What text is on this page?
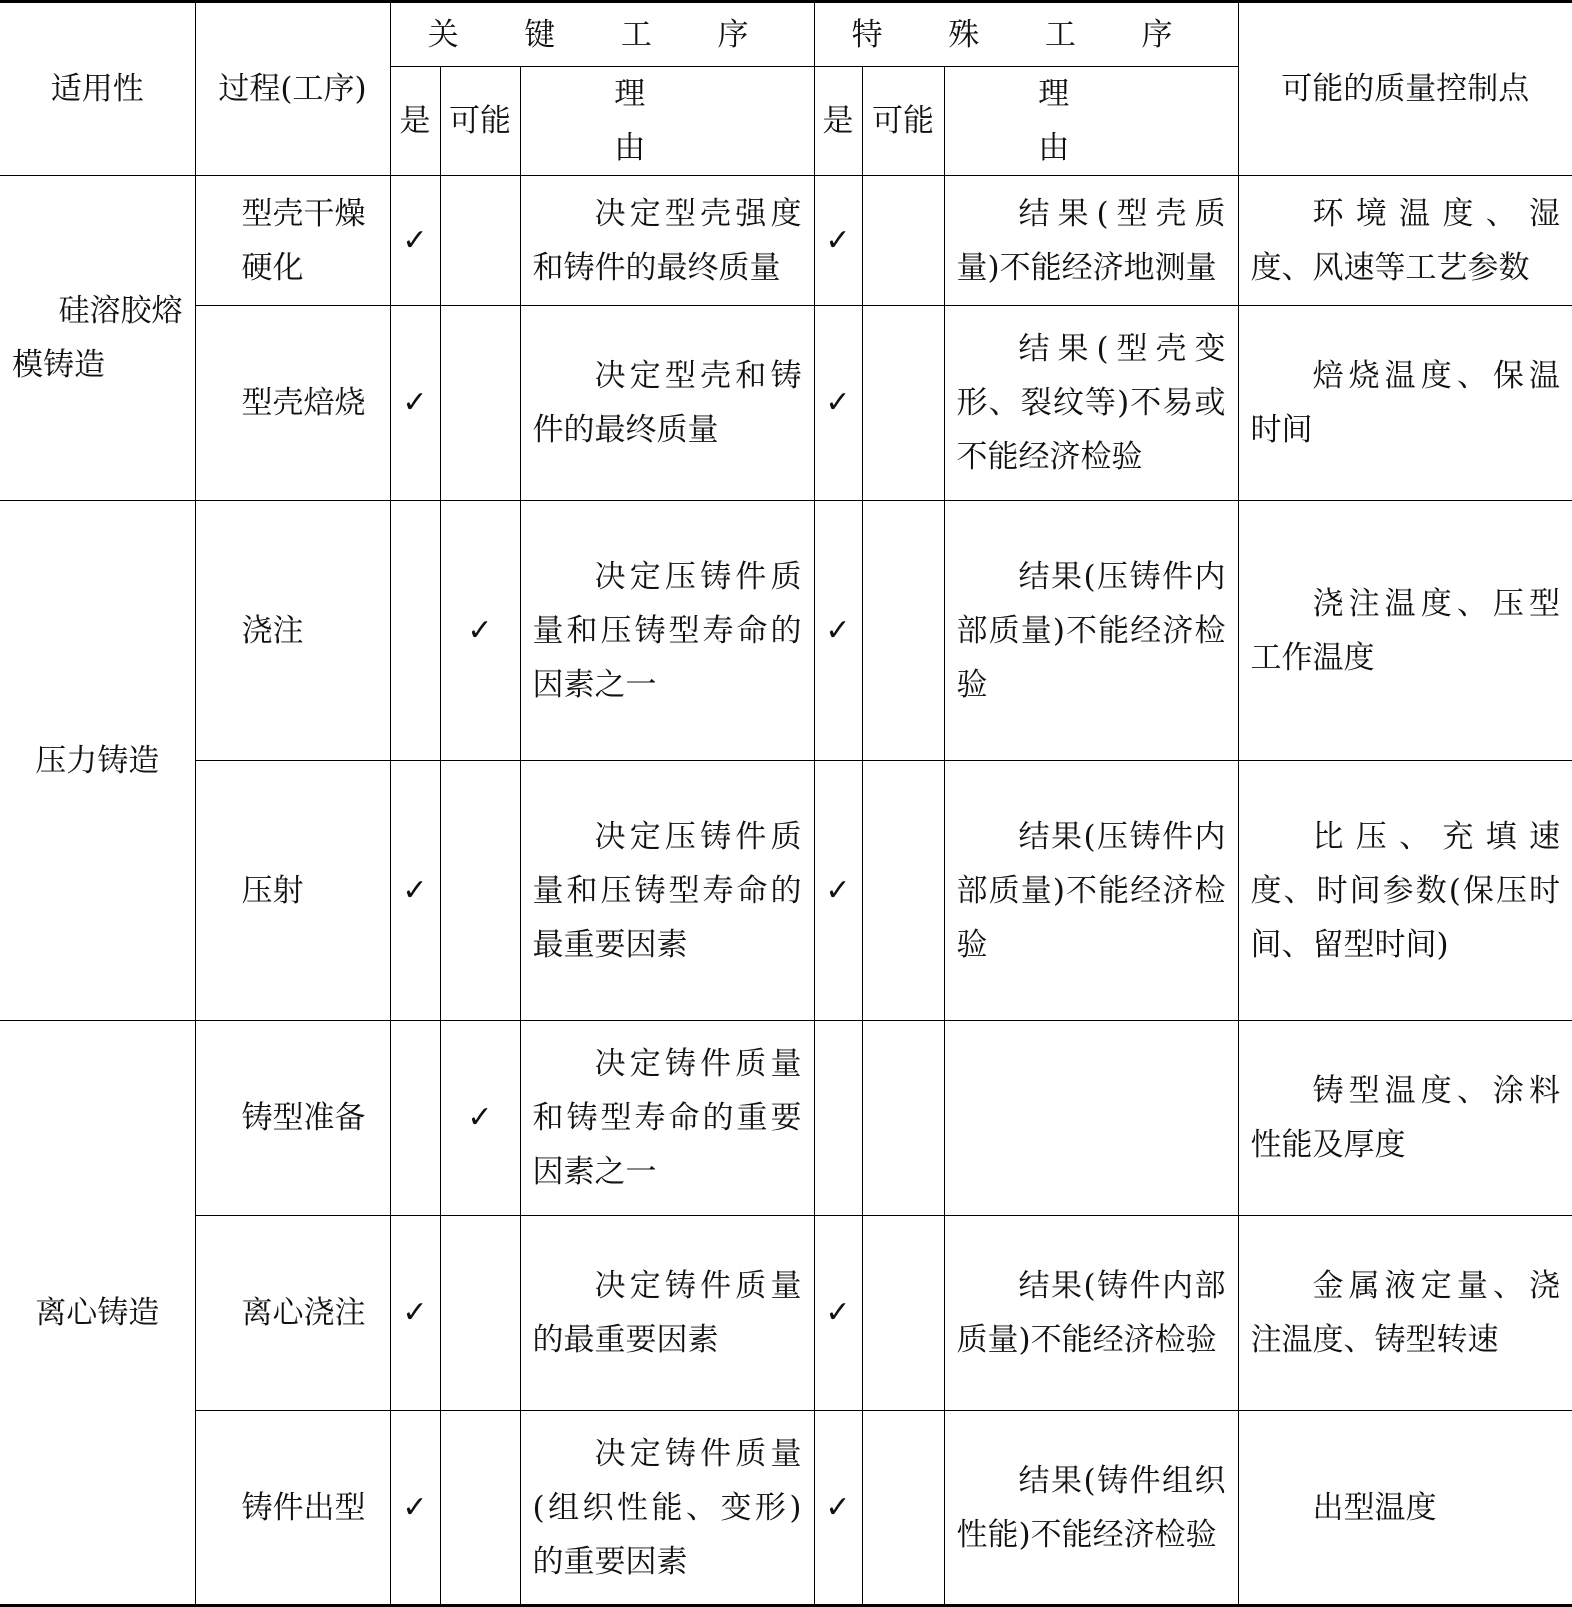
适用性	过程(工序)	关 键 工 序			特 殊 工 序			可能的质量控制点
		是	可能	理 由	是	可能	理 由	
硅溶胶熔模铸造	型壳干燥硬化	✓		决定型壳强度和铸件的最终质量	✓		结果(型壳质量)不能经济地测量	环境温度、湿度、风速等工艺参数
	型壳焙烧	✓		决定型壳和铸件的最终质量	✓		结果(型壳变形、裂纹等)不易或不能经济检验	焙烧温度、保温时间
压力铸造	浇注		✓	决定压铸件质量和压铸型寿命的因素之一	✓		结果(压铸件内部质量)不能经济检验	浇注温度、压型工作温度
	压射	✓		决定压铸件质量和压铸型寿命的最重要因素	✓		结果(压铸件内部质量)不能经济检验	比压、充填速度、时间参数(保压时间、留型时间)
离心铸造	铸型准备		✓	决定铸件质量和铸型寿命的重要因素之一				铸型温度、涂料性能及厚度
	离心浇注	✓		决定铸件质量的最重要因素	✓		结果(铸件内部质量)不能经济检验	金属液定量、浇注温度、铸型转速
	铸件出型	✓		决定铸件质量(组织性能、变形)的重要因素	✓		结果(铸件组织性能)不能经济检验	出型温度
